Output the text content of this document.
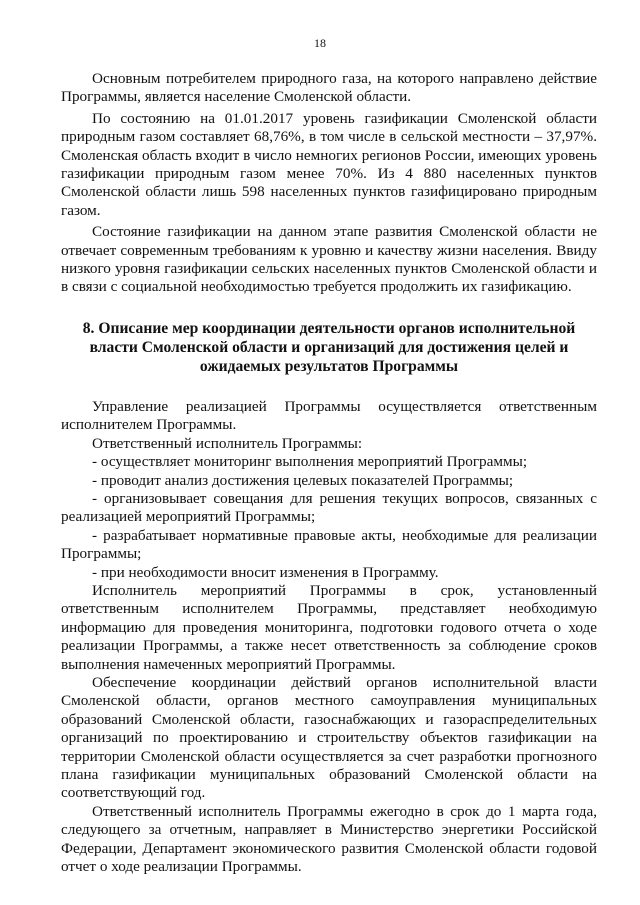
18

Основным потребителем природного газа, на которого направлено действие Программы, является население Смоленской области.

По состоянию на 01.01.2017 уровень газификации Смоленской области природным газом составляет 68,76%, в том числе в сельской местности – 37,97%. Смоленская область входит в число немногих регионов России, имеющих уровень газификации природным газом менее 70%. Из 4 880 населенных пунктов Смоленской области лишь 598 населенных пунктов газифицировано природным газом.

Состояние газификации на данном этапе развития Смоленской области не отвечает современным требованиям к уровню и качеству жизни населения. Ввиду низкого уровня газификации сельских населенных пунктов Смоленской области и в связи с социальной необходимостью требуется продолжить их газификацию.

8. Описание мер координации деятельности органов исполнительной власти Смоленской области и организаций для достижения целей и ожидаемых результатов Программы

Управление реализацией Программы осуществляется ответственным исполнителем Программы.

Ответственный исполнитель Программы:

- осуществляет мониторинг выполнения мероприятий Программы;

- проводит анализ достижения целевых показателей Программы;

- организовывает совещания для решения текущих вопросов, связанных с реализацией мероприятий Программы;

- разрабатывает нормативные правовые акты, необходимые для реализации Программы;

- при необходимости вносит изменения в Программу.

Исполнитель мероприятий Программы в срок, установленный ответственным исполнителем Программы, представляет необходимую информацию для проведения мониторинга, подготовки годового отчета о ходе реализации Программы, а также несет ответственность за соблюдение сроков выполнения намеченных мероприятий Программы.

Обеспечение координации действий органов исполнительной власти Смоленской области, органов местного самоуправления муниципальных образований Смоленской области, газоснабжающих и газораспределительных организаций по проектированию и строительству объектов газификации на территории Смоленской области осуществляется за счет разработки прогнозного плана газификации муниципальных образований Смоленской области на соответствующий год.

Ответственный исполнитель Программы ежегодно в срок до 1 марта года, следующего за отчетным, направляет в Министерство энергетики Российской Федерации, Департамент экономического развития Смоленской области годовой отчет о ходе реализации Программы.
